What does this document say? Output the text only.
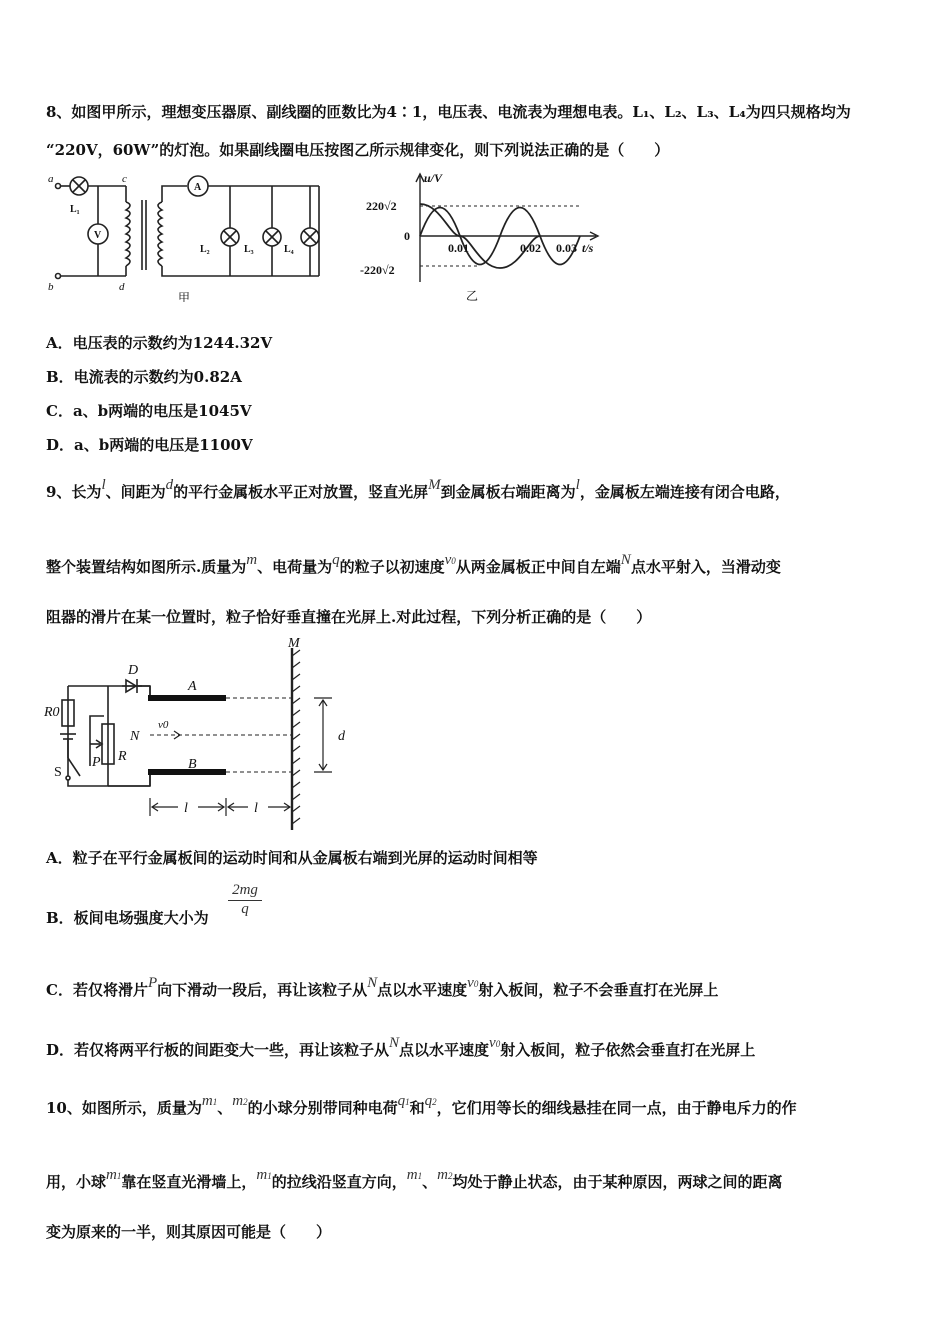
8、如图甲所示，理想变压器原、副线圈的匝数比为4∶1，电压表、电流表为理想电表。L₁、L₂、L₃、L₄为四只规格均为
“220V，60W”的灯泡。如果副线圈电压按图乙所示规律变化，则下列说法正确的是（　　）
a	c
b	d
L₁
V
A
L₂	L₃	L₄
甲
u/V
t/s
220√2
-220√2
0
0.01	0.02 0.03
乙
A．电压表的示数约为1244.32V
B．电流表的示数约为0.82A
C．a、b两端的电压是1045V
D．a、b两端的电压是1100V
9、长为l、间距为d的平行金属板水平正对放置，竖直光屏M到金属板右端距离为l，金属板左端连接有闭合电路，
整个装置结构如图所示.质量为m、电荷量为q的粒子以初速度v0从两金属板正中间自左端N点水平射入，当滑动变
阻器的滑片在某一位置时，粒子恰好垂直撞在光屏上.对此过程，下列分析正确的是（　　）
M
D
A
R0
v0
N
R
S
P	B
d
l	l
A．粒子在平行金属板间的运动时间和从金属板右端到光屏的运动时间相等
B．板间电场强度大小为 $\frac{2mg}{q}$
C．若仅将滑片P向下滑动一段后，再让该粒子从N点以水平速度v0射入板间，粒子不会垂直打在光屏上
D．若仅将两平行板的间距变大一些，再让该粒子从N点以水平速度v0射入板间，粒子依然会垂直打在光屏上
10、如图所示，质量为m1、m2的小球分别带同种电荷q1和q2，它们用等长的细线悬挂在同一点，由于静电斥力的作
用，小球m1靠在竖直光滑墙上，m1的拉线沿竖直方向，m1、m2均处于静止状态，由于某种原因，两球之间的距离
变为原来的一半，则其原因可能是（　　）
